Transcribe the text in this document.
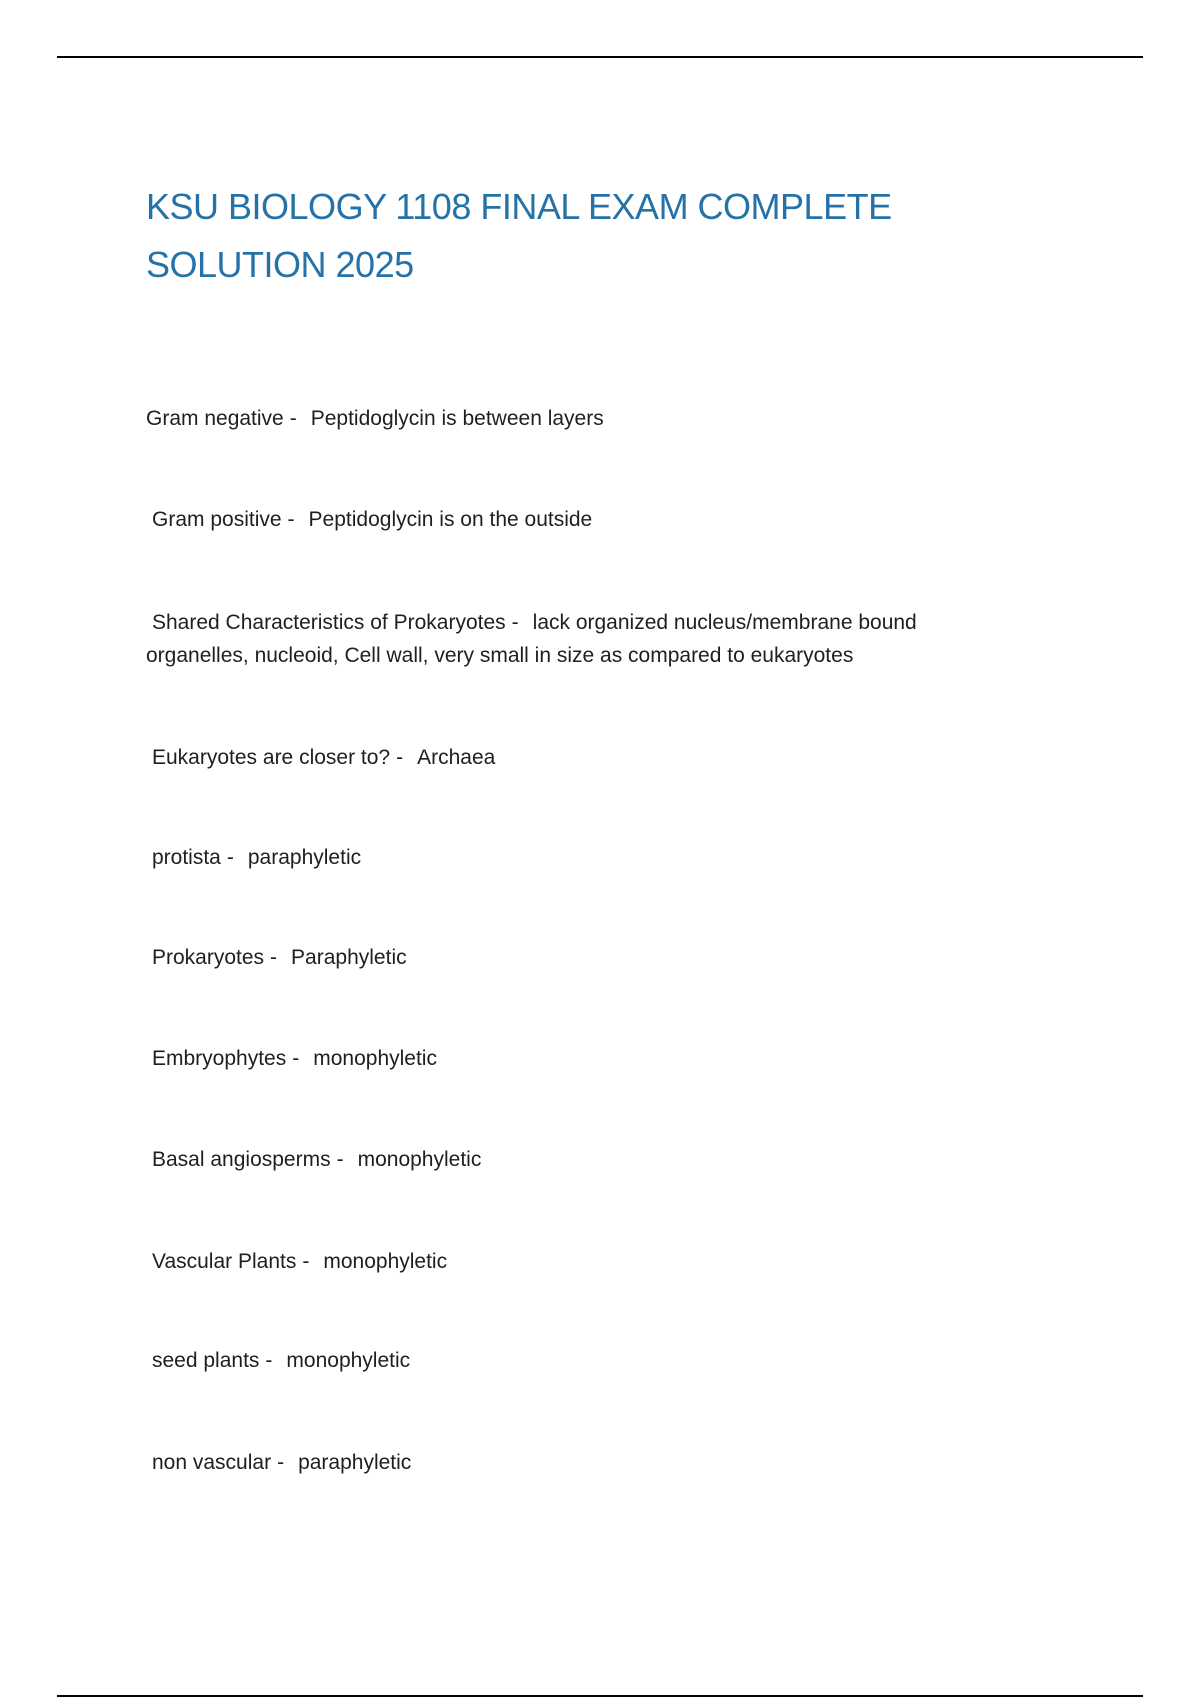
KSU BIOLOGY 1108 FINAL EXAM COMPLETE SOLUTION 2025

Gram negative - Peptidoglycin is between layers

Gram positive - Peptidoglycin is on the outside

Shared Characteristics of Prokaryotes - lack organized nucleus/membrane bound organelles, nucleoid, Cell wall, very small in size as compared to eukaryotes

Eukaryotes are closer to? - Archaea

protista - paraphyletic

Prokaryotes - Paraphyletic

Embryophytes - monophyletic

Basal angiosperms - monophyletic

Vascular Plants - monophyletic

seed plants - monophyletic

non vascular - paraphyletic
